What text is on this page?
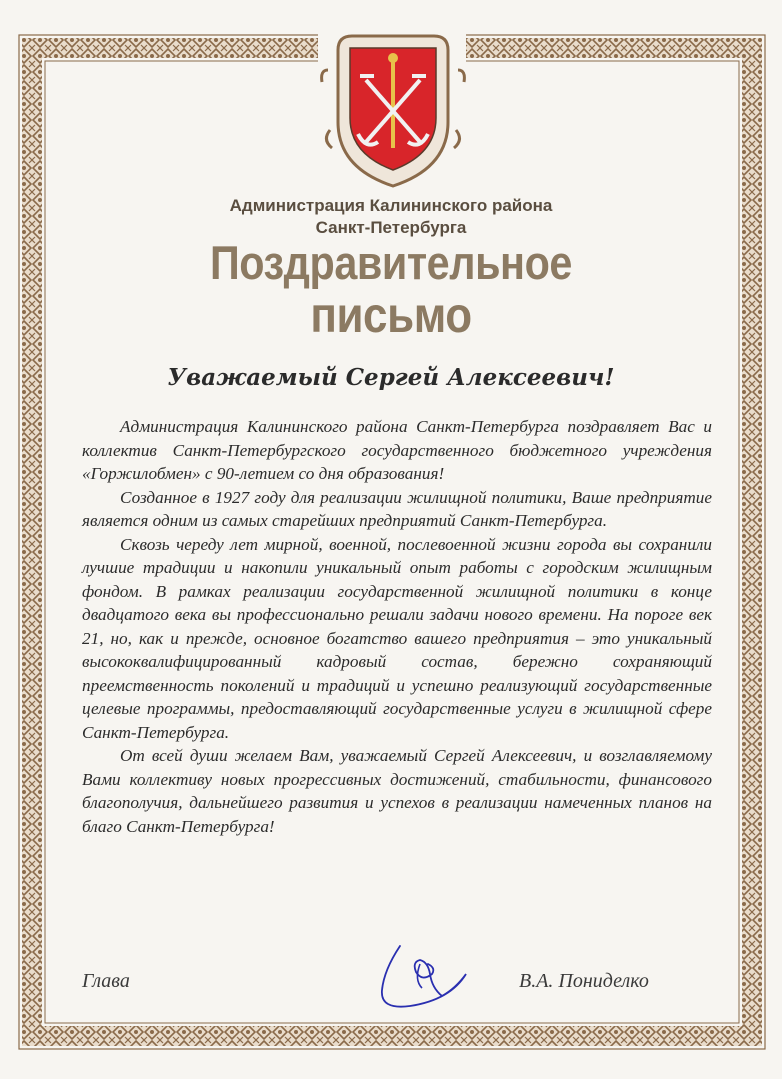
Администрация Калининского района
Санкт-Петербурга
Поздравительное
письмо
Уважаемый Сергей Алексеевич!

Администрация Калининского района Санкт-Петербурга поздравляет Вас и коллектив Санкт-Петербургского государственного бюджетного учреждения «Горжилобмен» с 90-летием со дня образования!

Созданное в 1927 году для реализации жилищной политики, Ваше предприятие является одним из самых старейших предприятий Санкт-Петербурга.

Сквозь череду лет мирной, военной, послевоенной жизни города вы сохранили лучшие традиции и накопили уникальный опыт работы с городским жилищным фондом. В рамках реализации государственной жилищной политики в конце двадцатого века вы профессионально решали задачи нового времени. На пороге век 21, но, как и прежде, основное богатство вашего предприятия – это уникальный высококвалифицированный кадровый состав, бережно сохраняющий преемственность поколений и традиций и успешно реализующий государственные целевые программы, предоставляющий государственные услуги в жилищной сфере Санкт-Петербурга.

От всей души желаем Вам, уважаемый Сергей Алексеевич, и возглавляемому Вами коллективу новых прогрессивных достижений, стабильности, финансового благополучия, дальнейшего развития и успехов в реализации намеченных планов на благо Санкт-Петербурга!

Глава	В.А. Пониделко
